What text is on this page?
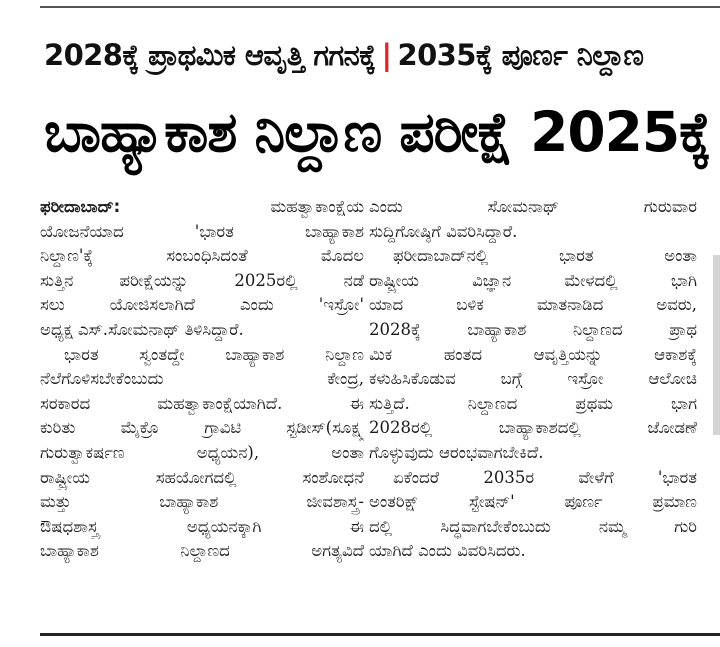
2028ಕ್ಕೆ ಪ್ರಾಥಮಿಕ ಆವೃತ್ತಿ ಗಗನಕ್ಕೆ | 2035ಕ್ಕೆ ಪೂರ್ಣ ನಿಲ್ದಾಣ
ಬಾಹ್ಯಾಕಾಶ ನಿಲ್ದಾಣ ಪರೀಕ್ಷೆ 2025ಕ್ಕೆ
ಫರೀದಾಬಾದ್:	ಮಹತ್ವಾಕಾಂಕ್ಷೆಯ
ಯೋಜನೆಯಾದ 'ಭಾರತ ಬಾಹ್ಯಾಕಾಶ
ನಿಲ್ದಾಣ'ಕ್ಕೆ ಸಂಬಂಧಿಸಿದಂತೆ ಮೊದಲ
ಸುತ್ತಿನ ಪರೀಕ್ಷೆಯನ್ನು 2025ರಲ್ಲಿ ನಡೆ
ಸಲು ಯೋಜಿಸಲಾಗಿದೆ ಎಂದು 'ಇಸ್ರೋ'
ಅಧ್ಯಕ್ಷ ಎಸ್.ಸೋಮನಾಥ್ ತಿಳಿಸಿದ್ದಾರೆ.
ಭಾರತ ಸ್ವಂತದ್ದೇ ಬಾಹ್ಯಾಕಾಶ ನಿಲ್ದಾಣ
ನೆಲೆಗೊಳಿಸಬೇಕೆಂಬುದು ಕೇಂದ್ರ,
ಸರಕಾರದ ಮಹತ್ವಾಕಾಂಕ್ಷೆಯಾಗಿದೆ. ಈ
ಕುರಿತು ಮೈಕ್ರೊ ಗ್ರಾವಿಟಿ ಸ್ಟಡೀಸ್(ಸೂಕ್ಷ್ಮ
ಗುರುತ್ವಾಕರ್ಷಣ ಅಧ್ಯಯನ), ಅಂತಾ
ರಾಷ್ಟ್ರೀಯ ಸಹಯೋಗದಲ್ಲಿ ಸಂಶೋಧನೆ
ಮತ್ತು ಬಾಹ್ಯಾಕಾಶ ಜೀವಶಾಸ್ತ್ರ-
ಔಷಧಶಾಸ್ತ್ರ ಅಧ್ಯಯನಕ್ಕಾಗಿ ಈ
ಬಾಹ್ಯಾಕಾಶ ನಿಲ್ದಾಣದ ಅಗತ್ಯವಿದೆ
ಎಂದು ಸೋಮನಾಥ್ ಗುರುವಾರ
ಸುದ್ದಿಗೋಷ್ಠಿಗೆ ವಿವರಿಸಿದ್ದಾರೆ.
ಫರೀದಾಬಾದ್‌ನಲ್ಲಿ ಭಾರತ ಅಂತಾ
ರಾಷ್ಟ್ರೀಯ ವಿಜ್ಞಾನ ಮೇಳದಲ್ಲಿ ಭಾಗಿ
ಯಾದ ಬಳಿಕ ಮಾತನಾಡಿದ ಅವರು,
2028ಕ್ಕೆ ಬಾಹ್ಯಾಕಾಶ ನಿಲ್ದಾಣದ ಪ್ರಾಥ
ಮಿಕ ಹಂತದ ಆವೃತ್ತಿಯನ್ನು ಆಕಾಶಕ್ಕೆ
ಕಳುಹಿಸಿಕೊಡುವ ಬಗ್ಗೆ ಇಸ್ರೋ ಆಲೋಚಿ
ಸುತ್ತಿದೆ. ನಿಲ್ದಾಣದ ಪ್ರಥಮ ಭಾಗ
2028ರಲ್ಲಿ ಬಾಹ್ಯಾಕಾಶದಲ್ಲಿ ಜೋಡಣೆ
ಗೊಳ್ಳುವುದು ಆರಂಭವಾಗಬೇಕಿದೆ.
ಏಕೆಂದರೆ 2035ರ ವೇಳೆಗೆ 'ಭಾರತ
ಅಂತರಿಕ್ಷ್ ಸ್ಟೇಷನ್' ಪೂರ್ಣ ಪ್ರಮಾಣ
ದಲ್ಲಿ ಸಿದ್ಧವಾಗಬೇಕೆಂಬುದು ನಮ್ಮ ಗುರಿ
ಯಾಗಿದೆ ಎಂದು ವಿವರಿಸಿದರು.
